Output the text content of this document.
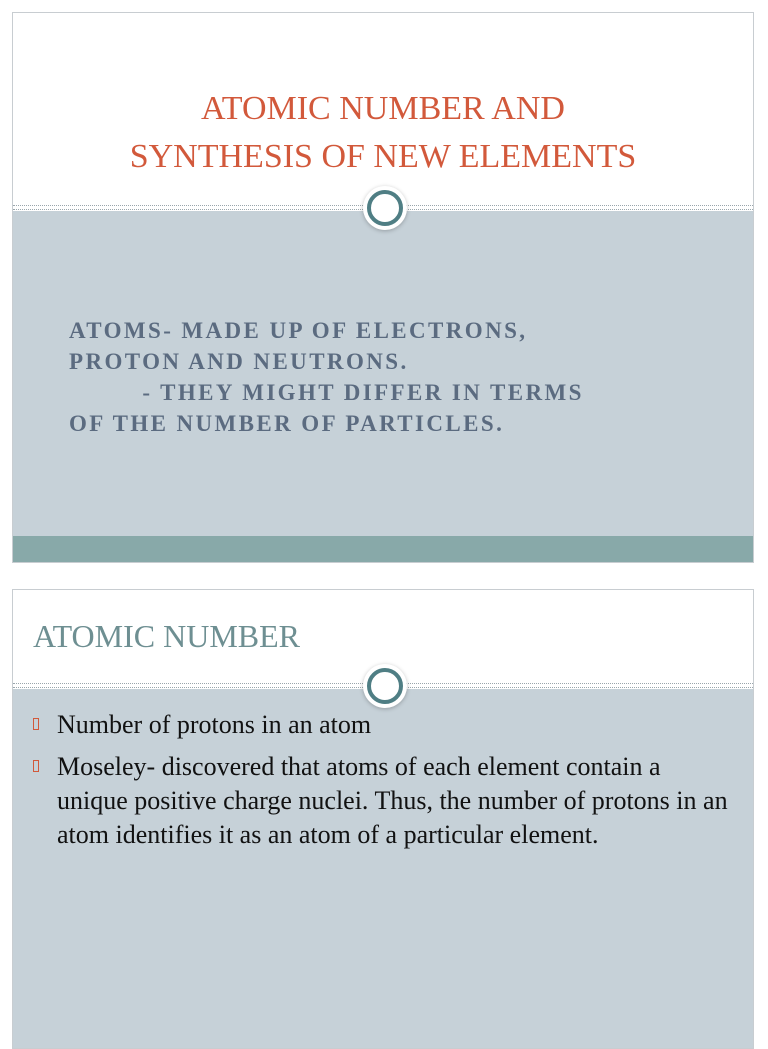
ATOMIC NUMBER AND
SYNTHESIS OF NEW ELEMENTS
ATOMS- MADE UP OF ELECTRONS,
PROTON AND NEUTRONS.
- THEY MIGHT DIFFER IN TERMS
OF THE NUMBER OF PARTICLES.
ATOMIC NUMBER
Number of protons in an atom
Moseley- discovered that atoms of each element contain a unique positive charge nuclei. Thus, the number of protons in an atom identifies it as an atom of a particular element.
